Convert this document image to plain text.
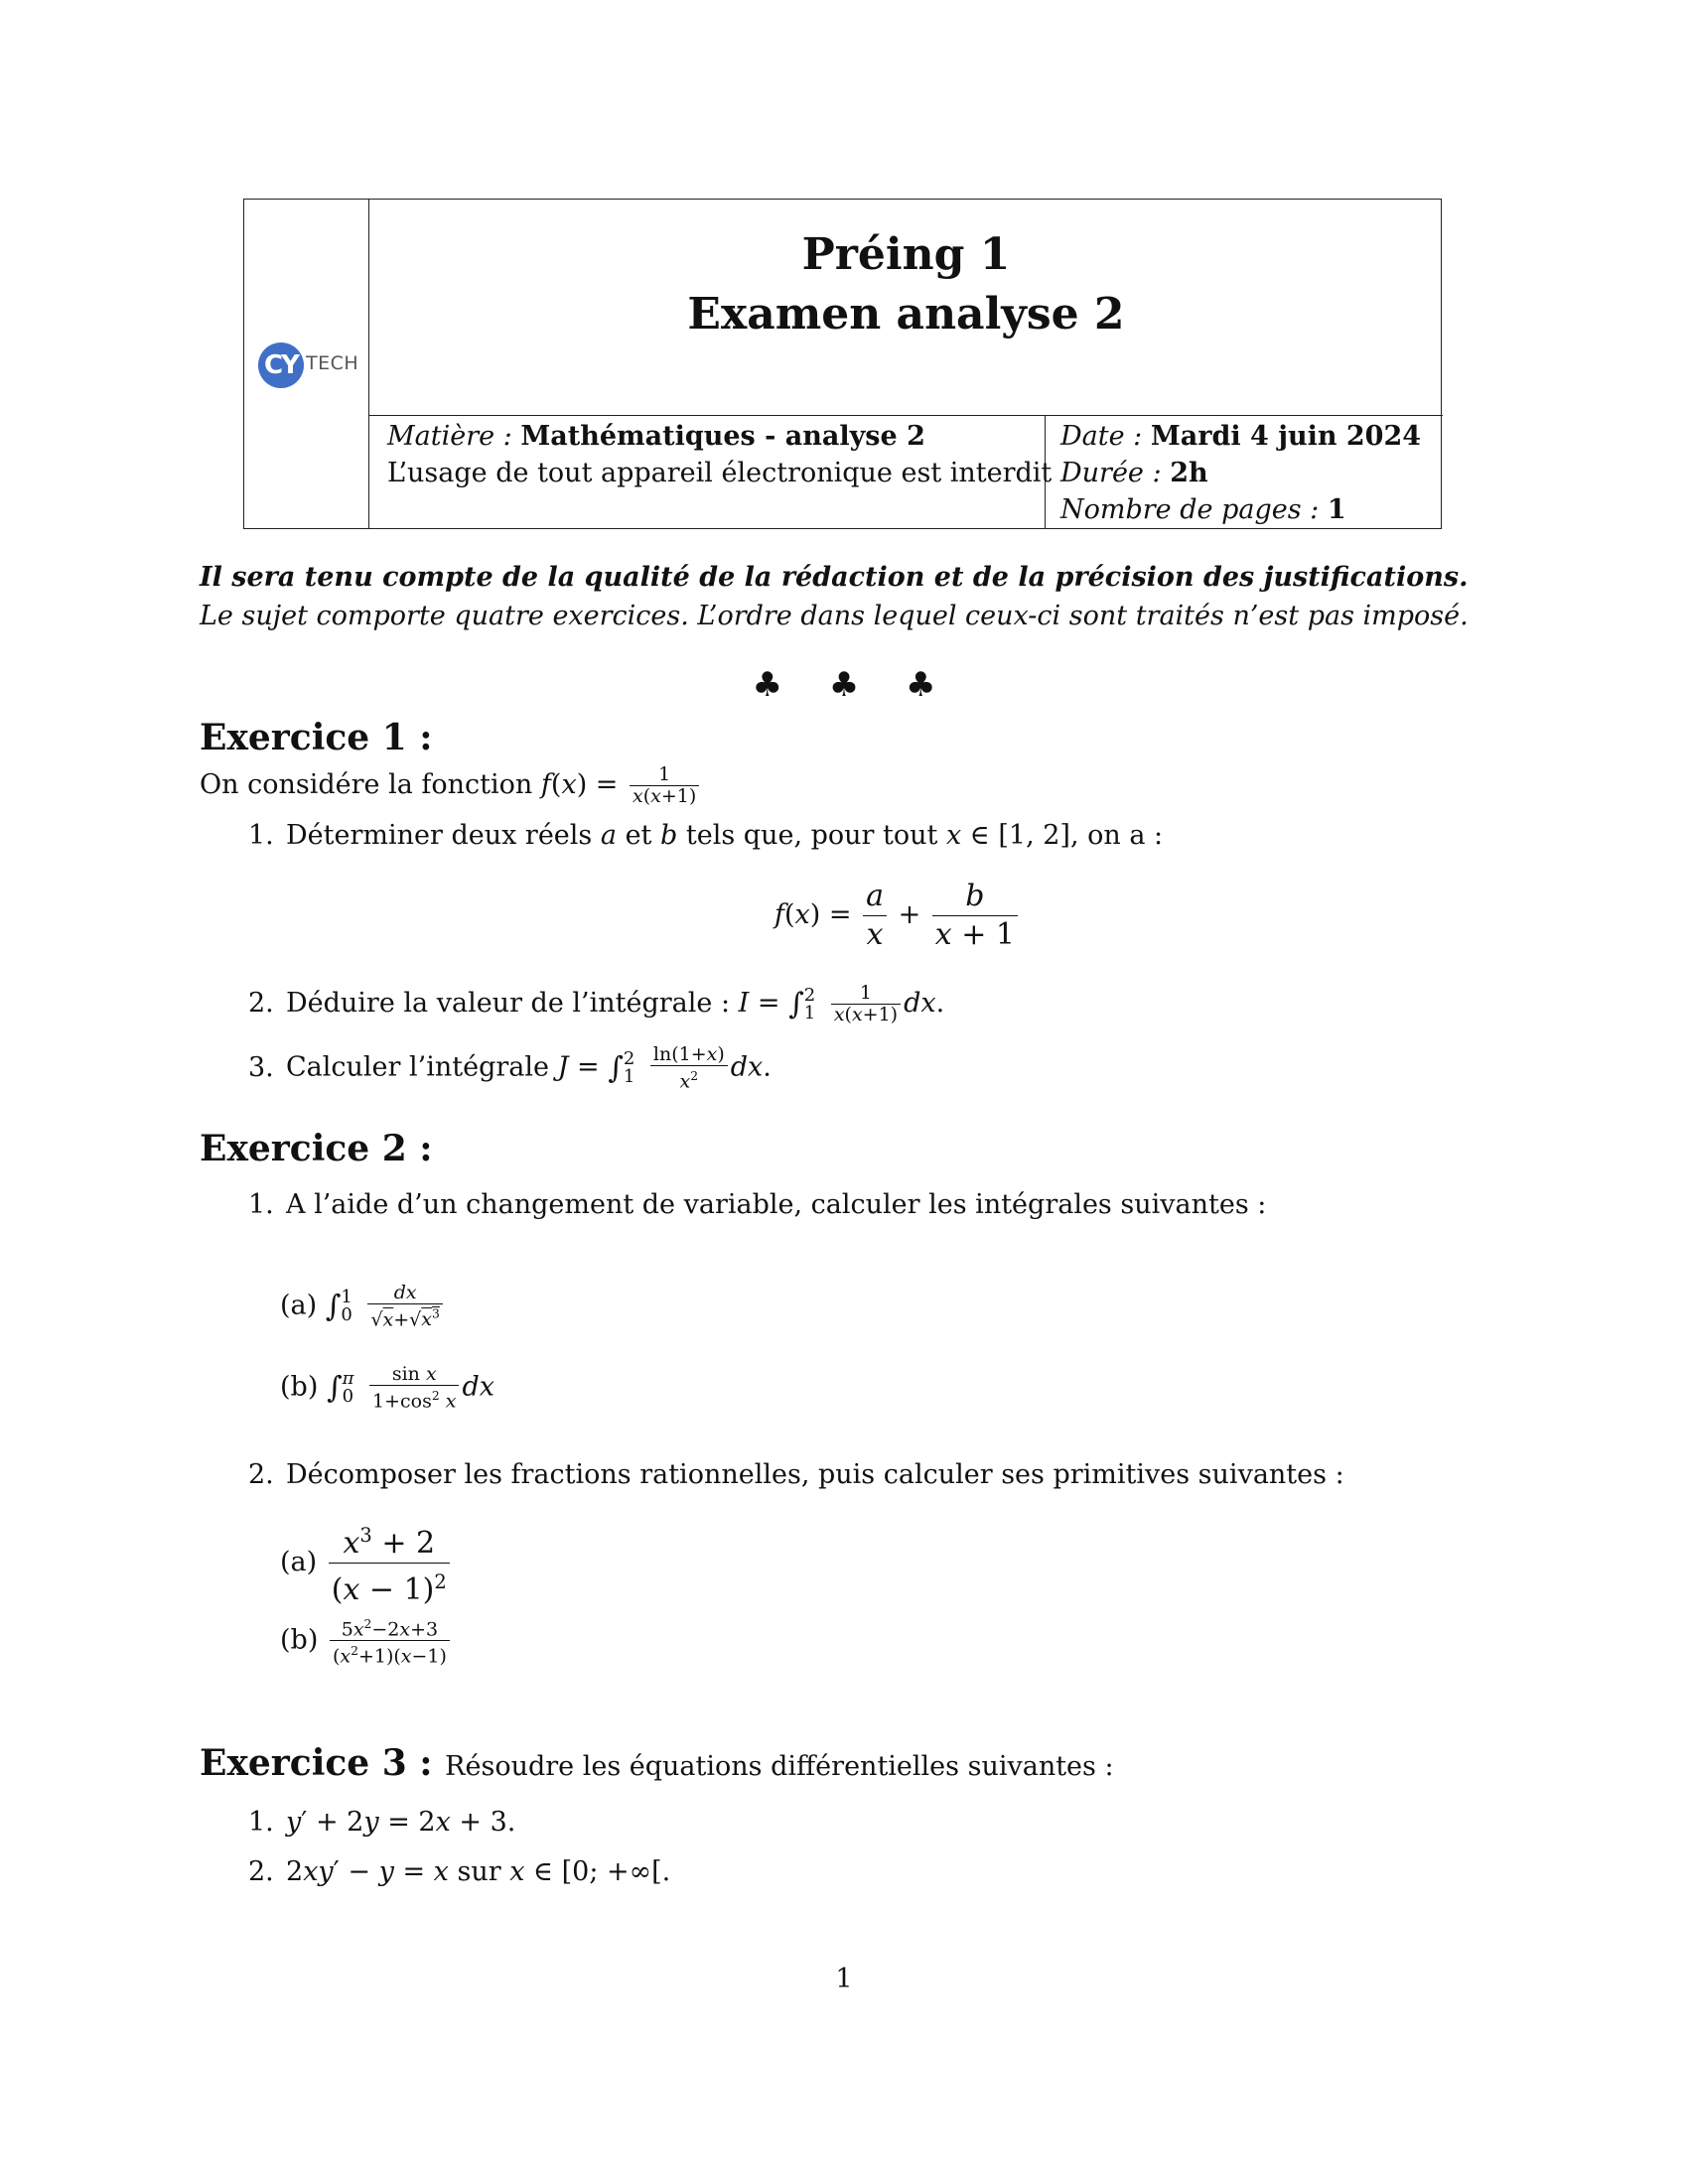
CY TECH
Préing 1
Examen analyse 2
Matière : Mathématiques - analyse 2
L’usage de tout appareil électronique est interdit
Date : Mardi 4 juin 2024
Durée : 2h
Nombre de pages : 1
Il sera tenu compte de la qualité de la rédaction et de la précision des justifications.
Le sujet comporte quatre exercices. L’ordre dans lequel ceux-ci sont traités n’est pas imposé.
♣ ♣ ♣
Exercice 1 :
On considére la fonction $f(x) = \frac{1}{x(x+1)}$
1. Déterminer deux réels a et b tels que, pour tout x ∈ [1, 2], on a :
$f(x) = \frac{a}{x} + \frac{b}{x + 1}$
2. Déduire la valeur de l’intégrale : I = ∫ 2
1
$\frac{1}{x(x+1)}$ dx.
3. Calculer l’intégrale J = ∫ 2
1
$\frac{\ln(1+x)}{x^2}$ dx.
Exercice 2 :
1. A l’aide d’un changement de variable, calculer les intégrales suivantes :
(a) ∫ 1
0
$\frac{dx}{√x+√x^3}$
(b) ∫ π
0
$\frac{\text{sin x}}{1+\cos^2 x}$ dx
2. Décomposer les fractions rationnelles, puis calculer ses primitives suivantes :
$(a) \frac{x^3 + 2}{(x - 1)^2}$
$(b) \frac{5x^2-2x+3}{(x^2+1)(x-1)}$
Exercice 3 : Résoudre les équations différentielles suivantes :
1. y′ + 2y = 2x + 3.
2. 2xy′ − y = x sur x ∈ [0; +∞[.
1
